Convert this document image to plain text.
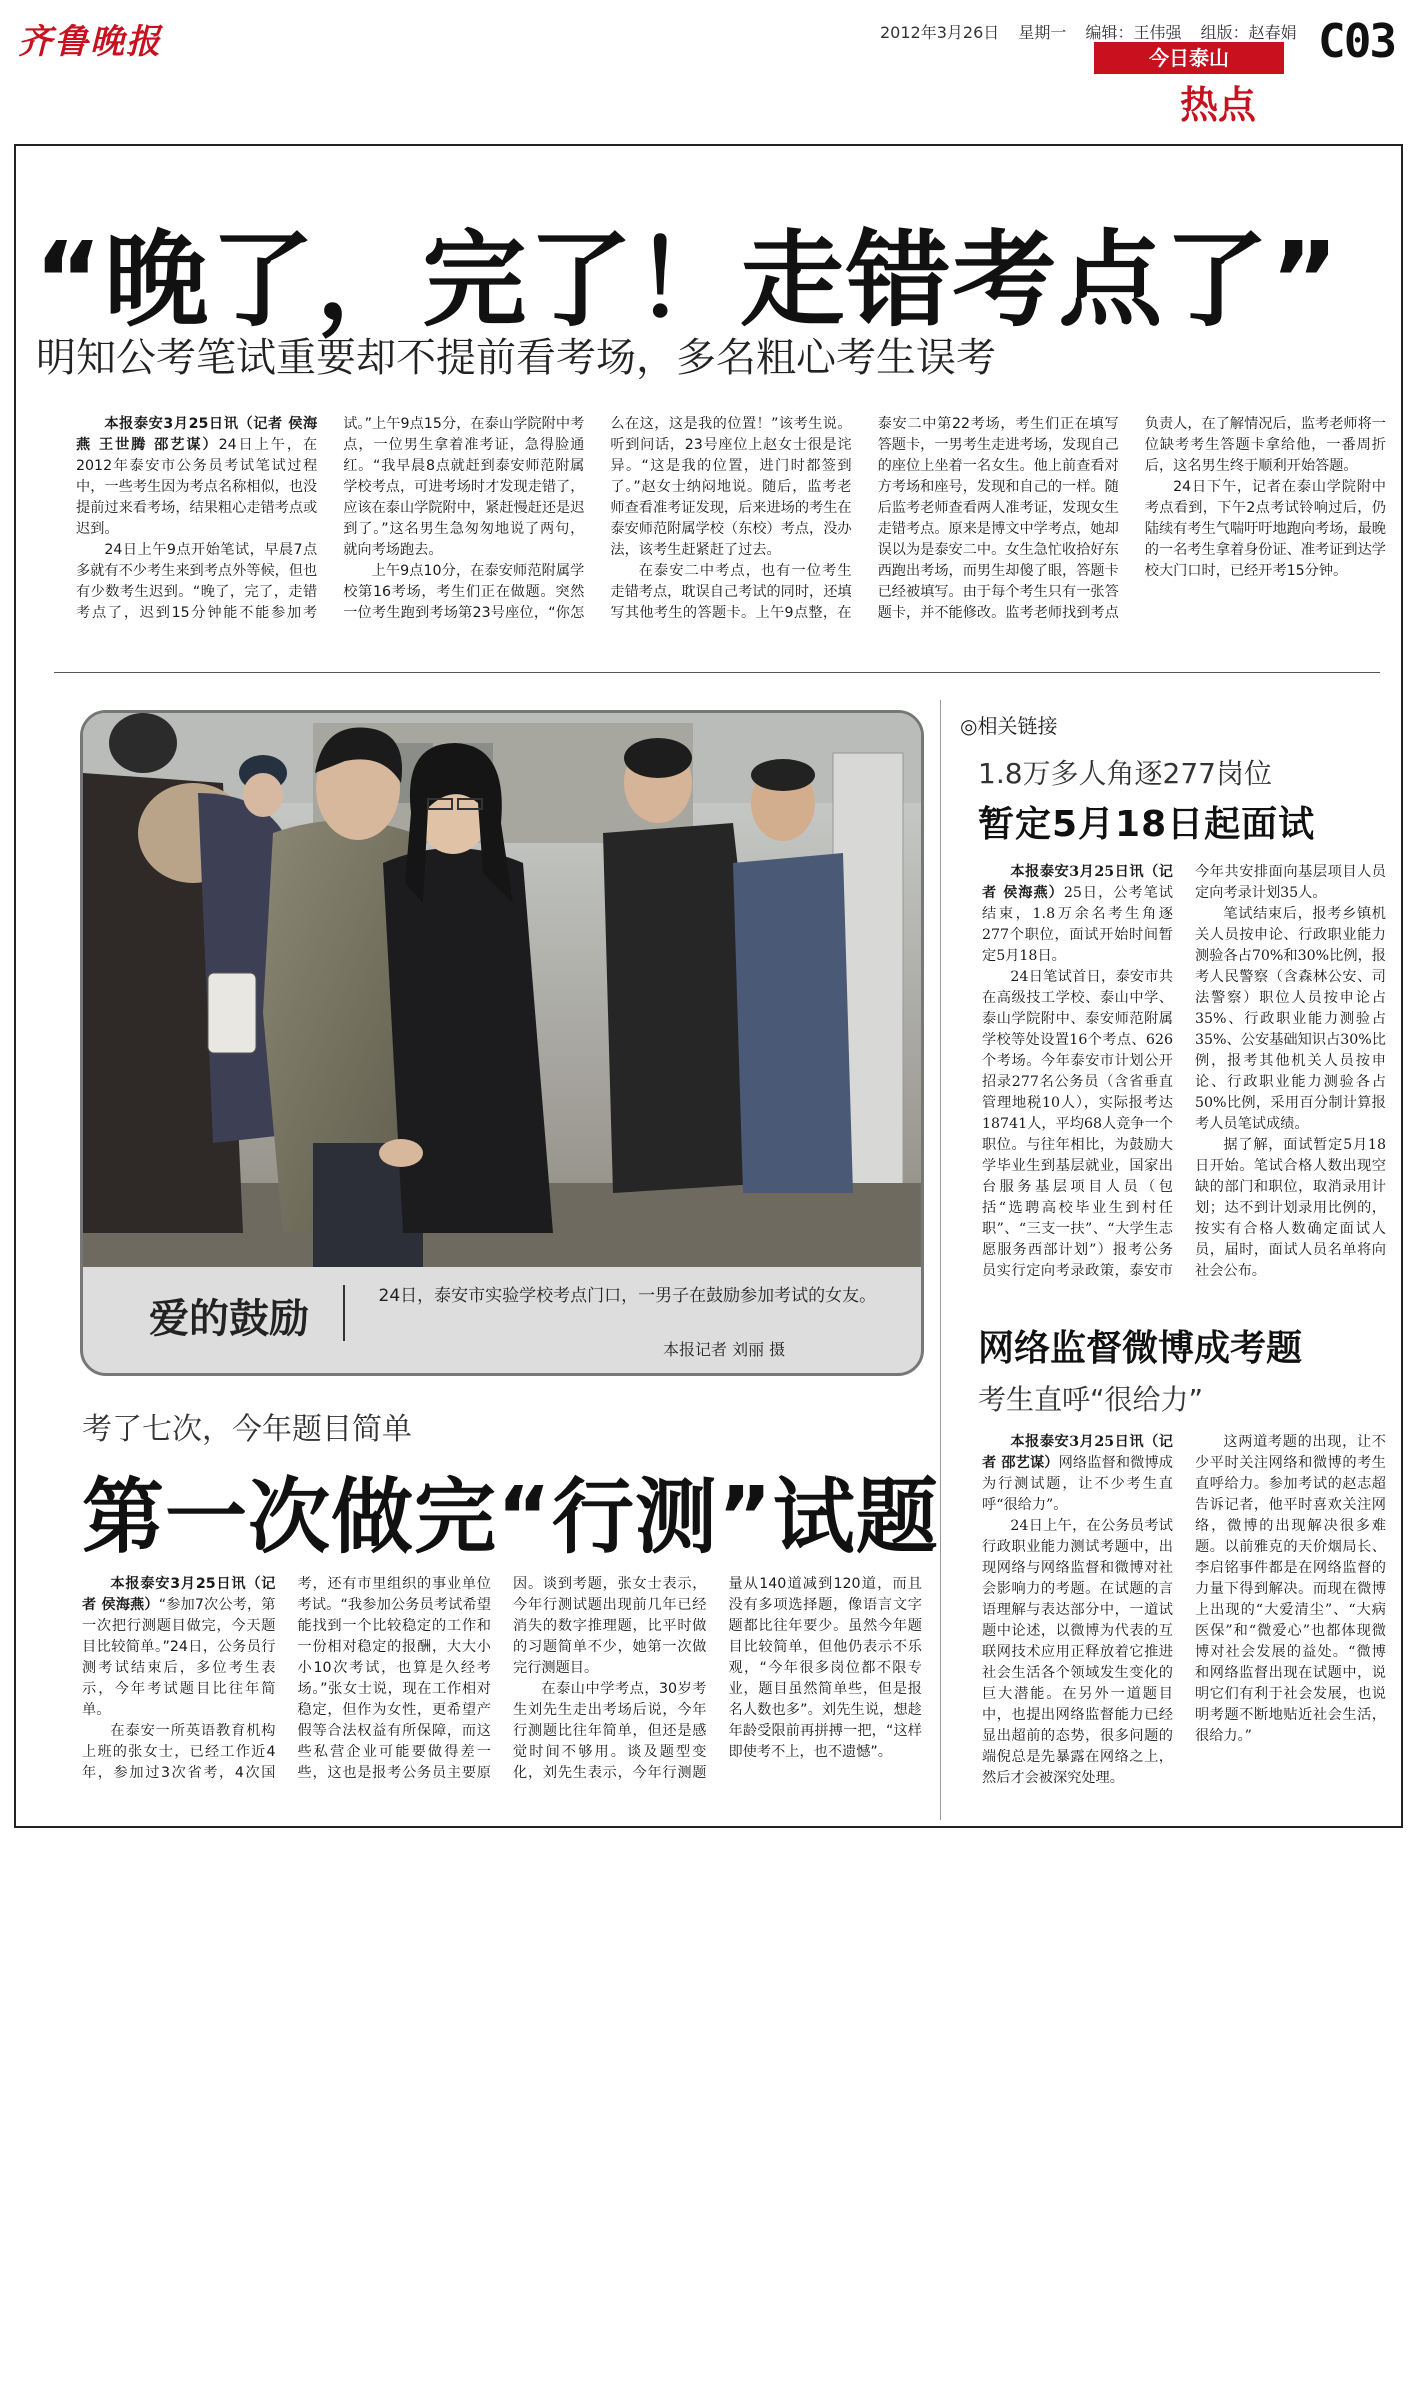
齐鲁晚报	2012年3月26日 星期一 编辑：王伟强 组版：赵春娟 C03
今日泰山
热点
“晚了，完了！走错考点了”
明知公考笔试重要却不提前看考场，多名粗心考生误考

本报泰安3月25日讯（记者 侯海燕 王世腾 邵艺谋）24日上午，在2012年泰安市公务员考试笔试过程中，一些考生因为考点名称相似，也没提前过来看考场，结果粗心走错考点或迟到。

24日上午9点开始笔试，早晨7点多就有不少考生来到考点外等候，但也有少数考生迟到。“晚了，完了，走错考点了，迟到15分钟能不能参加考试。”上午9点15分，在泰山学院附中考点，一位男生拿着准考证，急得脸通红。“我早晨8点就赶到泰安师范附属学校考点，可进考场时才发现走错了，应该在泰山学院附中，紧赶慢赶还是迟到了。”这名男生急匆匆地说了两句，就向考场跑去。

上午9点10分，在泰安师范附属学校第16考场，考生们正在做题。突然一位考生跑到考场第23号座位，“你怎么在这，这是我的位置！”该考生说。听到问话，23号座位上赵女士很是诧异。“这是我的位置，进门时都签到了。”赵女士纳闷地说。随后，监考老师查看准考证发现，后来进场的考生在泰安师范附属学校（东校）考点，没办法，该考生赶紧赶了过去。

在泰安二中考点，也有一位考生走错考点，耽误自己考试的同时，还填写其他考生的答题卡。上午9点整，在泰安二中第22考场，考生们正在填写答题卡，一男考生走进考场，发现自己的座位上坐着一名女生。他上前查看对方考场和座号，发现和自己的一样。随后监考老师查看两人准考证，发现女生走错考点。原来是博文中学考点，她却误以为是泰安二中。女生急忙收拾好东西跑出考场，而男生却傻了眼，答题卡已经被填写。由于每个考生只有一张答题卡，并不能修改。监考老师找到考点负责人，在了解情况后，监考老师将一位缺考考生答题卡拿给他，一番周折后，这名男生终于顺利开始答题。

24日下午，记者在泰山学院附中考点看到，下午2点考试铃响过后，仍陆续有考生气喘吁吁地跑向考场，最晚的一名考生拿着身份证、准考证到达学校大门口时，已经开考15分钟。

爱的鼓励	24日，泰安市实验学校考点门口，一男子在鼓励参加考试的女友。
本报记者 刘丽 摄
考了七次，今年题目简单
第一次做完“行测”试题

本报泰安3月25日讯（记者 侯海燕）“参加7次公考，第一次把行测题目做完，今天题目比较简单。”24日，公务员行测考试结束后，多位考生表示，今年考试题目比往年简单。

在泰安一所英语教育机构上班的张女士，已经工作近4年，参加过3次省考，4次国考，还有市里组织的事业单位考试。“我参加公务员考试希望能找到一个比较稳定的工作和一份相对稳定的报酬，大大小小10次考试，也算是久经考场。”张女士说，现在工作相对稳定，但作为女性，更希望产假等合法权益有所保障，而这些私营企业可能要做得差一些，这也是报考公务员主要原因。谈到考题，张女士表示，今年行测试题出现前几年已经消失的数字推理题，比平时做的习题简单不少，她第一次做完行测题目。

在泰山中学考点，30岁考生刘先生走出考场后说，今年行测题比往年简单，但还是感觉时间不够用。谈及题型变化，刘先生表示，今年行测题量从140道减到120道，而且没有多项选择题，像语言文字题都比往年要少。虽然今年题目比较简单，但他仍表示不乐观，“今年很多岗位都不限专业，题目虽然简单些，但是报名人数也多”。刘先生说，想趁年龄受限前再拼搏一把，“这样即使考不上，也不遗憾”。

◎相关链接
1.8万多人角逐277岗位
暂定5月18日起面试

本报泰安3月25日讯（记者 侯海燕）25日，公考笔试结束，1.8万余名考生角逐277个职位，面试开始时间暂定5月18日。

24日笔试首日，泰安市共在高级技工学校、泰山中学、泰山学院附中、泰安师范附属学校等处设置16个考点、626个考场。今年泰安市计划公开招录277名公务员（含省垂直管理地税10人），实际报考达18741人，平均68人竞争一个职位。与往年相比，为鼓励大学毕业生到基层就业，国家出台服务基层项目人员（包括“选聘高校毕业生到村任职”、“三支一扶”、“大学生志愿服务西部计划”）报考公务员实行定向考录政策，泰安市今年共安排面向基层项目人员定向考录计划35人。

笔试结束后，报考乡镇机关人员按申论、行政职业能力测验各占70%和30%比例，报考人民警察（含森林公安、司法警察）职位人员按申论占35%、行政职业能力测验占35%、公安基础知识占30%比例，报考其他机关人员按申论、行政职业能力测验各占50%比例，采用百分制计算报考人员笔试成绩。

据了解，面试暂定5月18日开始。笔试合格人数出现空缺的部门和职位，取消录用计划；达不到计划录用比例的，按实有合格人数确定面试人员，届时，面试人员名单将向社会公布。

网络监督微博成考题
考生直呼“很给力”

本报泰安3月25日讯（记者 邵艺谋）网络监督和微博成为行测试题，让不少考生直呼“很给力”。

24日上午，在公务员考试行政职业能力测试考题中，出现网络与网络监督和微博对社会影响力的考题。在试题的言语理解与表达部分中，一道试题中论述，以微博为代表的互联网技术应用正释放着它推进社会生活各个领域发生变化的巨大潜能。在另外一道题目中，也提出网络监督能力已经显出超前的态势，很多问题的端倪总是先暴露在网络之上，然后才会被深究处理。

这两道考题的出现，让不少平时关注网络和微博的考生直呼给力。参加考试的赵志超告诉记者，他平时喜欢关注网络，微博的出现解决很多难题。以前雅克的天价烟局长、李启铭事件都是在网络监督的力量下得到解决。而现在微博上出现的“大爱清尘”、“大病医保”和“微爱心”也都体现微博对社会发展的益处。“微博和网络监督出现在试题中，说明它们有利于社会发展，也说明考题不断地贴近社会生活，很给力。”
